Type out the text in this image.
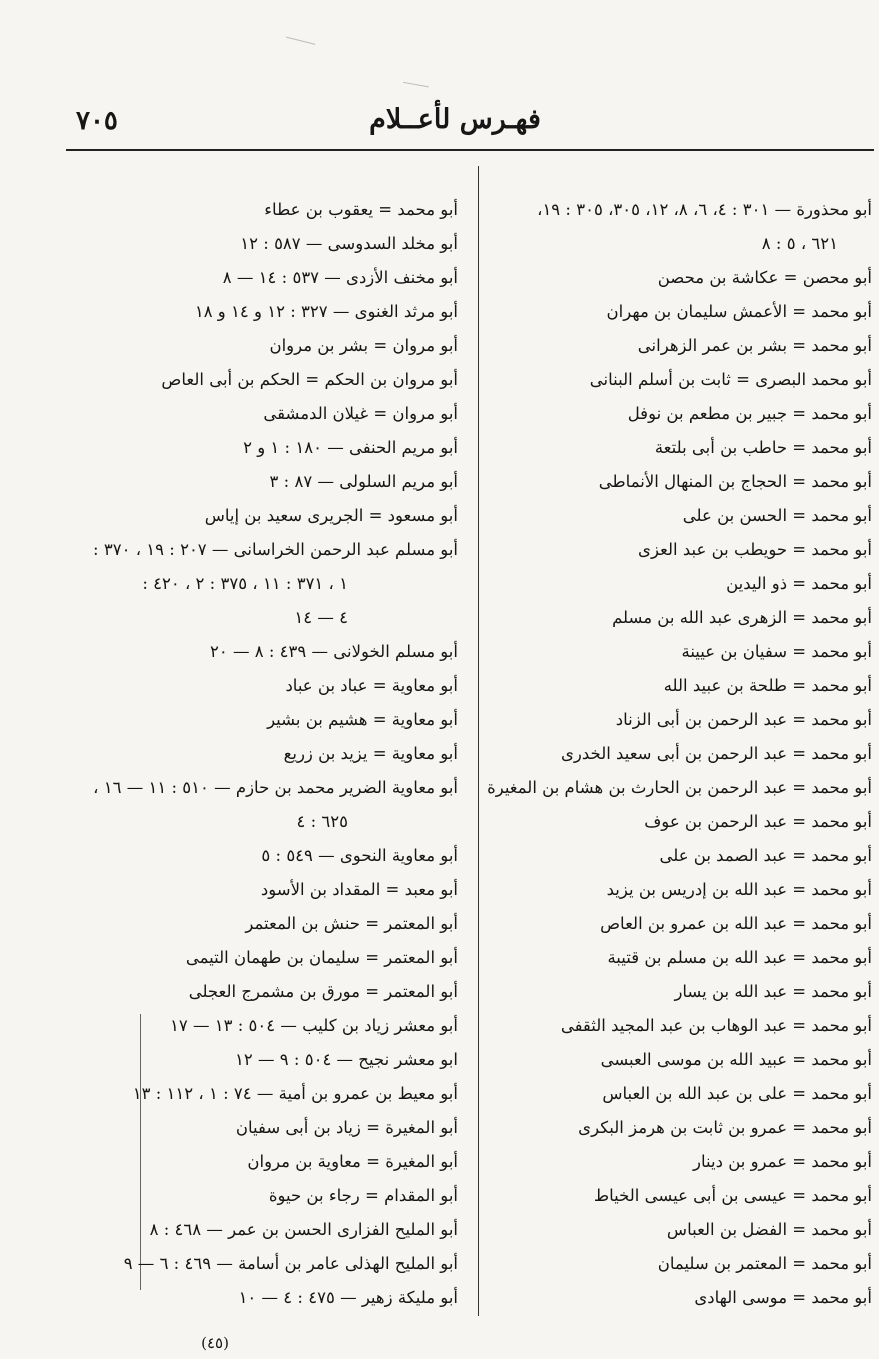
فهـرس لأعــلام
٧٠٥
أبو محذورة — ٣٠١ : ٤، ٦، ٨، ١٢، ٣٠٥، ٣٠٥ : ١٩،
٦٢١ ، ٥ : ٨
أبو محصن = عكاشة بن محصن
أبو محمد = الأعمش سليمان بن مهران
أبو محمد = بشر بن عمر الزهرانى
أبو محمد البصرى = ثابت بن أسلم البنانى
أبو محمد = جبير بن مطعم بن نوفل
أبو محمد = حاطب بن أبى بلتعة
أبو محمد = الحجاج بن المنهال الأنماطى
أبو محمد = الحسن بن على
أبو محمد = حويطب بن عبد العزى
أبو محمد = ذو اليدين
أبو محمد = الزهرى عبد الله بن مسلم
أبو محمد = سفيان بن عيينة
أبو محمد = طلحة بن عبيد الله
أبو محمد = عبد الرحمن بن أبى الزناد
أبو محمد = عبد الرحمن بن أبى سعيد الخدرى
أبو محمد = عبد الرحمن بن الحارث بن هشام بن المغيرة
أبو محمد = عبد الرحمن بن عوف
أبو محمد = عبد الصمد بن على
أبو محمد = عبد الله بن إدريس بن يزيد
أبو محمد = عبد الله بن عمرو بن العاص
أبو محمد = عبد الله بن مسلم بن قتيبة
أبو محمد = عبد الله بن يسار
أبو محمد = عبد الوهاب بن عبد المجيد الثقفى
أبو محمد = عبيد الله بن موسى العبسى
أبو محمد = على بن عبد الله بن العباس
أبو محمد = عمرو بن ثابت بن هرمز البكرى
أبو محمد = عمرو بن دينار
أبو محمد = عيسى بن أبى عيسى الخياط
أبو محمد = الفضل بن العباس
أبو محمد = المعتمر بن سليمان
أبو محمد = موسى الهادى
أبو محمد = يعقوب بن عطاء
أبو مخلد السدوسى — ٥٨٧ : ١٢
أبو مخنف الأزدى — ٥٣٧ : ١٤ — ٨
أبو مرثد الغنوى — ٣٢٧ : ١٢ و ١٤ و ١٨
أبو مروان = بشر بن مروان
أبو مروان بن الحكم = الحكم بن أبى العاص
أبو مروان = غيلان الدمشقى
أبو مريم الحنفى — ١٨٠ : ١ و ٢
أبو مريم السلولى — ٨٧ : ٣
أبو مسعود = الجريرى سعيد بن إياس
أبو مسلم عبد الرحمن الخراسانى — ٢٠٧ : ١٩ ، ٣٧٠ :
١ ، ٣٧١ : ١١ ، ٣٧٥ : ٢ ، ٤٢٠ :
٤ — ١٤
أبو مسلم الخولانى — ٤٣٩ : ٨ — ٢٠
أبو معاوية = عباد بن عباد
أبو معاوية = هشيم بن بشير
أبو معاوية = يزيد بن زريع
أبو معاوية الضرير محمد بن حازم — ٥١٠ : ١١ — ١٦ ،
٦٢٥ : ٤
أبو معاوية النحوى — ٥٤٩ : ٥
أبو معبد = المقداد بن الأسود
أبو المعتمر = حنش بن المعتمر
أبو المعتمر = سليمان بن طهمان التيمى
أبو المعتمر = مورق بن مشمرج العجلى
أبو معشر زياد بن كليب — ٥٠٤ : ١٣ — ١٧
ابو معشر نجيح — ٥٠٤ : ٩ — ١٢
أبو معيط بن عمرو بن أمية — ٧٤ : ١ ، ١١٢ : ١٣
أبو المغيرة = زياد بن أبى سفيان
أبو المغيرة = معاوية بن مروان
أبو المقدام = رجاء بن حيوة
أبو المليح الفزارى الحسن بن عمر — ٤٦٨ : ٨
أبو المليح الهذلى عامر بن أسامة — ٤٦٩ : ٦ — ٩
أبو مليكة زهير — ٤٧٥ : ٤ — ١٠
(٤٥)
